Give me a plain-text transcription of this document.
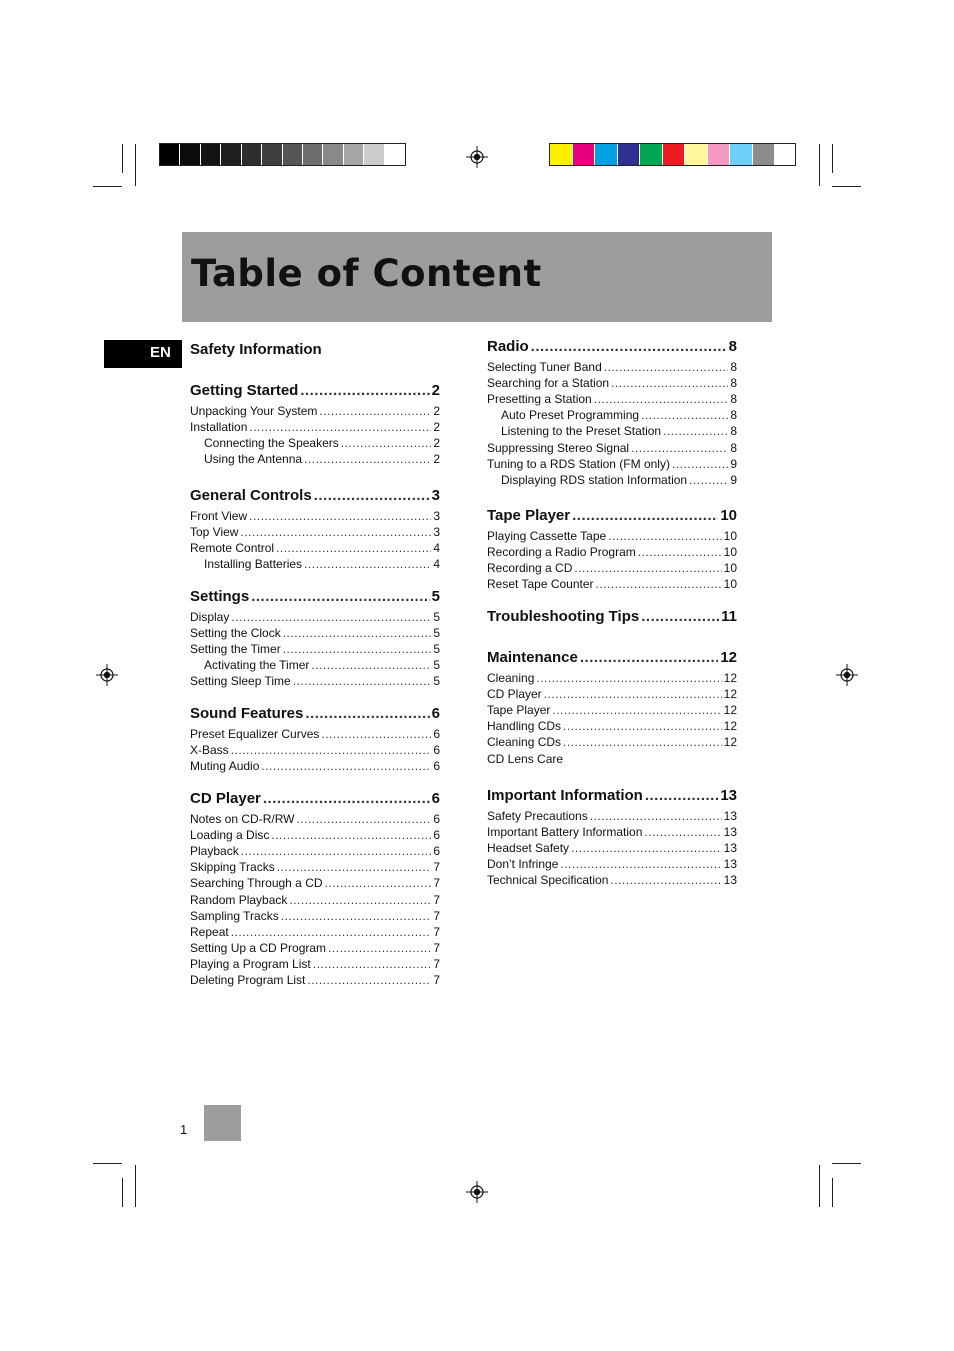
Table of Content
EN Safety Information
Getting Started .....	2
Unpacking Your System .....	2
Installation .....	2
Connecting the Speakers .....	2
Using the Antenna .....	2
General Controls .....	3
Front View .....	3
Top View .....	3
Remote Control .....	4
Installing Batteries .....	4
Settings .....	5
Display .....	5
Setting the Clock .....	5
Setting the Timer .....	5
Activating the Timer .....	5
Setting Sleep Time .....	5
Sound Features .....	6
Preset Equalizer Curves .....	6
X-Bass .....	6
Muting Audio .....	6
CD Player .....	6
Notes on CD-R/RW .....	6
Loading a Disc .....	6
Playback .....	6
Skipping Tracks .....	7
Searching Through a CD .....	7
Random Playback .....	7
Sampling Tracks .....	7
Repeat .....	7
Setting Up a CD Program .....	7
Playing a Program List .....	7
Deleting Program List .....	7
Radio .....	8
Selecting Tuner Band .....	8
Searching for a Station .....	8
Presetting a Station .....	8
Auto Preset Programming .....	8
Listening to the Preset Station .....	8
Suppressing Stereo Signal .....	8
Tuning to a RDS Station (FM only) .....	9
Displaying RDS station Information .....	9
Tape Player .....	10
Playing Cassette Tape .....	10
Recording a Radio Program .....	10
Recording a CD .....	10
Reset Tape Counter .....	10
Troubleshooting Tips .....	11
Maintenance .....	12
Cleaning .....	12
CD Player .....	12
Tape Player .....	12
Handling CDs .....	12
Cleaning CDs .....	12
CD Lens Care
Important Information .....	13
Safety Precautions .....	13
Important Battery Information .....	13
Headset Safety .....	13
Don’t Infringe .....	13
Technical Specification .....	13
1
